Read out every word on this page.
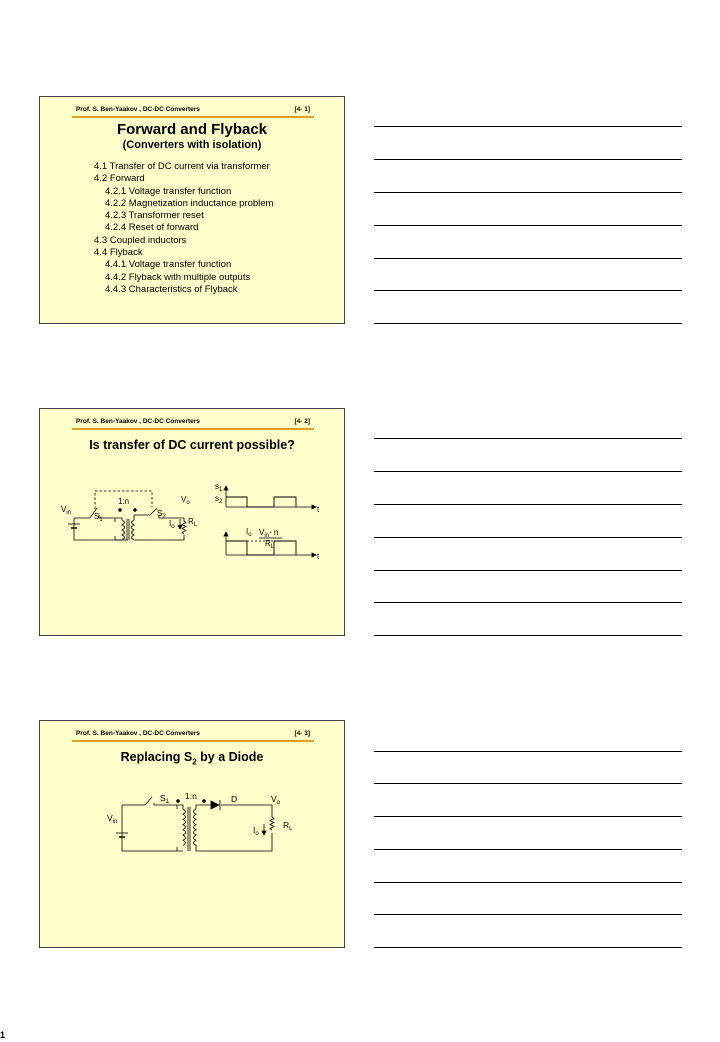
Prof. S. Ben-Yaakov , DC-DC Converters	[4- 1]
Forward and Flyback
(Converters with isolation)
4.1 Transfer of DC current via transformer
4.2 Forward
4.2.1 Voltage transfer function
4.2.2 Magnetization inductance problem
4.2.3 Transformer reset
4.2.4 Reset of forward
4.3 Coupled inductors
4.4 Flyback
4.4.1 Voltage transfer function
4.4.2 Flyback with multiple outputs
4.4.3 Characteristics of Flyback
Prof. S. Ben-Yaakov , DC-DC Converters	[4- 2]
Is transfer of DC current possible?
$V_{in}$	$S_1$
1:n
$S_2$
$V_o$
$I_o$
$R_L$
$s_1$
$s_2$
t
$I_o$ $V_{in}\cdot n$
$R_L$
t
Prof. S. Ben-Yaakov , DC-DC Converters	[4- 3]
Replacing $S_2$ by a Diode
$V_{in}$
$S_1$
1:n	D	$V_o$
$R_L$
$I_o$
1
